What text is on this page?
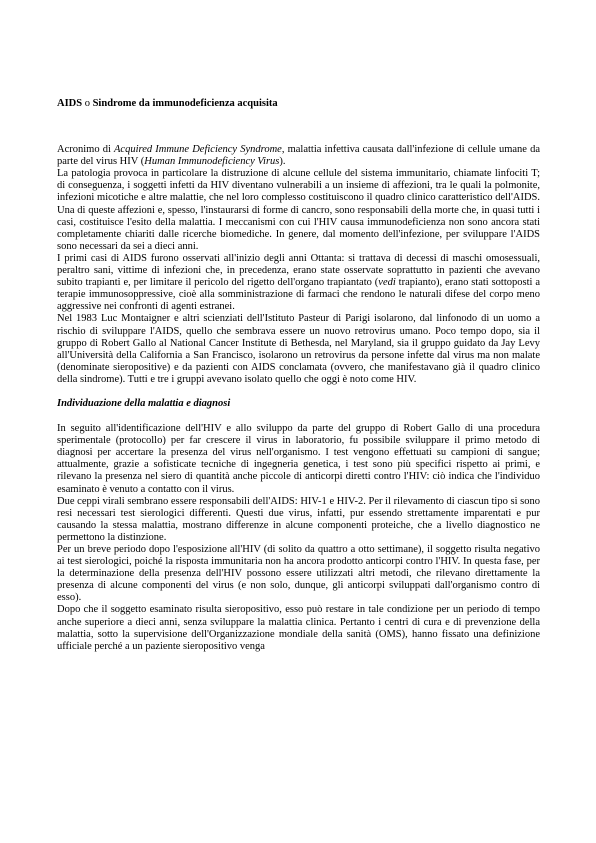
AIDS o Sindrome da immunodeficienza acquisita

Acronimo di Acquired Immune Deficiency Syndrome, malattia infettiva causata dall'infezione di cellule umane da parte del virus HIV (Human Immunodeficiency Virus).

La patologia provoca in particolare la distruzione di alcune cellule del sistema immunitario, chiamate linfociti T; di conseguenza, i soggetti infetti da HIV diventano vulnerabili a un insieme di affezioni, tra le quali la polmonite, infezioni micotiche e altre malattie, che nel loro complesso costituiscono il quadro clinico caratteristico dell'AIDS. Una di queste affezioni e, spesso, l'instaurarsi di forme di cancro, sono responsabili della morte che, in quasi tutti i casi, costituisce l'esito della malattia. I meccanismi con cui l'HIV causa immunodeficienza non sono ancora stati completamente chiariti dalle ricerche biomediche. In genere, dal momento dell'infezione, per sviluppare l'AIDS sono necessari da sei a dieci anni.

I primi casi di AIDS furono osservati all'inizio degli anni Ottanta: si trattava di decessi di maschi omosessuali, peraltro sani, vittime di infezioni che, in precedenza, erano state osservate soprattutto in pazienti che avevano subito trapianti e, per limitare il pericolo del rigetto dell'organo trapiantato (vedi trapianto), erano stati sottoposti a terapie immunosoppressive, cioè alla somministrazione di farmaci che rendono le naturali difese del corpo meno aggressive nei confronti di agenti estranei.

Nel 1983 Luc Montaigner e altri scienziati dell'Istituto Pasteur di Parigi isolarono, dal linfonodo di un uomo a rischio di sviluppare l'AIDS, quello che sembrava essere un nuovo retrovirus umano. Poco tempo dopo, sia il gruppo di Robert Gallo al National Cancer Institute di Bethesda, nel Maryland, sia il gruppo guidato da Jay Levy all'Università della California a San Francisco, isolarono un retrovirus da persone infette dal virus ma non malate (denominate sieropositive) e da pazienti con AIDS conclamata (ovvero, che manifestavano già il quadro clinico della sindrome). Tutti e tre i gruppi avevano isolato quello che oggi è noto come HIV.

Individuazione della malattia e diagnosi

In seguito all'identificazione dell'HIV e allo sviluppo da parte del gruppo di Robert Gallo di una procedura sperimentale (protocollo) per far crescere il virus in laboratorio, fu possibile sviluppare il primo metodo di diagnosi per accertare la presenza del virus nell'organismo. I test vengono effettuati su campioni di sangue; attualmente, grazie a sofisticate tecniche di ingegneria genetica, i test sono più specifici rispetto ai primi, e rilevano la presenza nel siero di quantità anche piccole di anticorpi diretti contro l'HIV: ciò indica che l'individuo esaminato è venuto a contatto con il virus.

Due ceppi virali sembrano essere responsabili dell'AIDS: HIV-1 e HIV-2. Per il rilevamento di ciascun tipo si sono resi necessari test sierologici differenti. Questi due virus, infatti, pur essendo strettamente imparentati e pur causando la stessa malattia, mostrano differenze in alcune componenti proteiche, che a livello diagnostico ne permettono la distinzione.

Per un breve periodo dopo l'esposizione all'HIV (di solito da quattro a otto settimane), il soggetto risulta negativo ai test sierologici, poiché la risposta immunitaria non ha ancora prodotto anticorpi contro l'HIV. In questa fase, per la determinazione della presenza dell'HIV possono essere utilizzati altri metodi, che rilevano direttamente la presenza di alcune componenti del virus (e non solo, dunque, gli anticorpi sviluppati dall'organismo contro di esso).

Dopo che il soggetto esaminato risulta sieropositivo, esso può restare in tale condizione per un periodo di tempo anche superiore a dieci anni, senza sviluppare la malattia clinica. Pertanto i centri di cura e di prevenzione della malattia, sotto la supervisione dell'Organizzazione mondiale della sanità (OMS), hanno fissato una definizione ufficiale perché a un paziente sieropositivo venga
